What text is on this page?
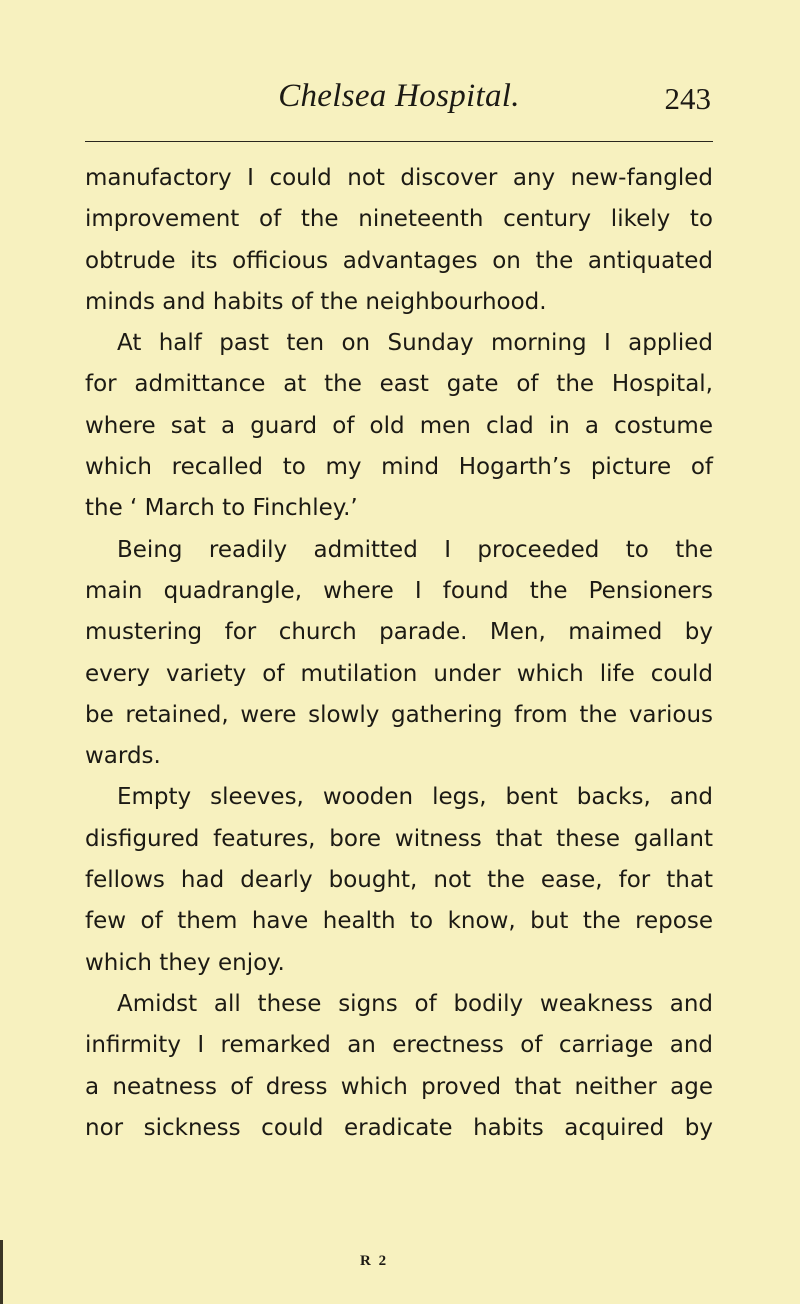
Chelsea Hospital.	243
manufactory I could not discover any new-fangled
improvement of the nineteenth century likely to
obtrude its officious advantages on the antiquated
minds and habits of the neighbourhood.
At half past ten on Sunday morning I applied
for admittance at the east gate of the Hospital,
where sat a guard of old men clad in a costume
which recalled to my mind Hogarth’s picture of
the ‘ March to Finchley.’
Being readily admitted I proceeded to the
main quadrangle, where I found the Pensioners
mustering for church parade. Men, maimed by
every variety of mutilation under which life could
be retained, were slowly gathering from the various
wards.
Empty sleeves, wooden legs, bent backs, and
disfigured features, bore witness that these gallant
fellows had dearly bought, not the ease, for that
few of them have health to know, but the repose
which they enjoy.
Amidst all these signs of bodily weakness and
infirmity I remarked an erectness of carriage and
a neatness of dress which proved that neither age
nor sickness could eradicate habits acquired by
R 2
